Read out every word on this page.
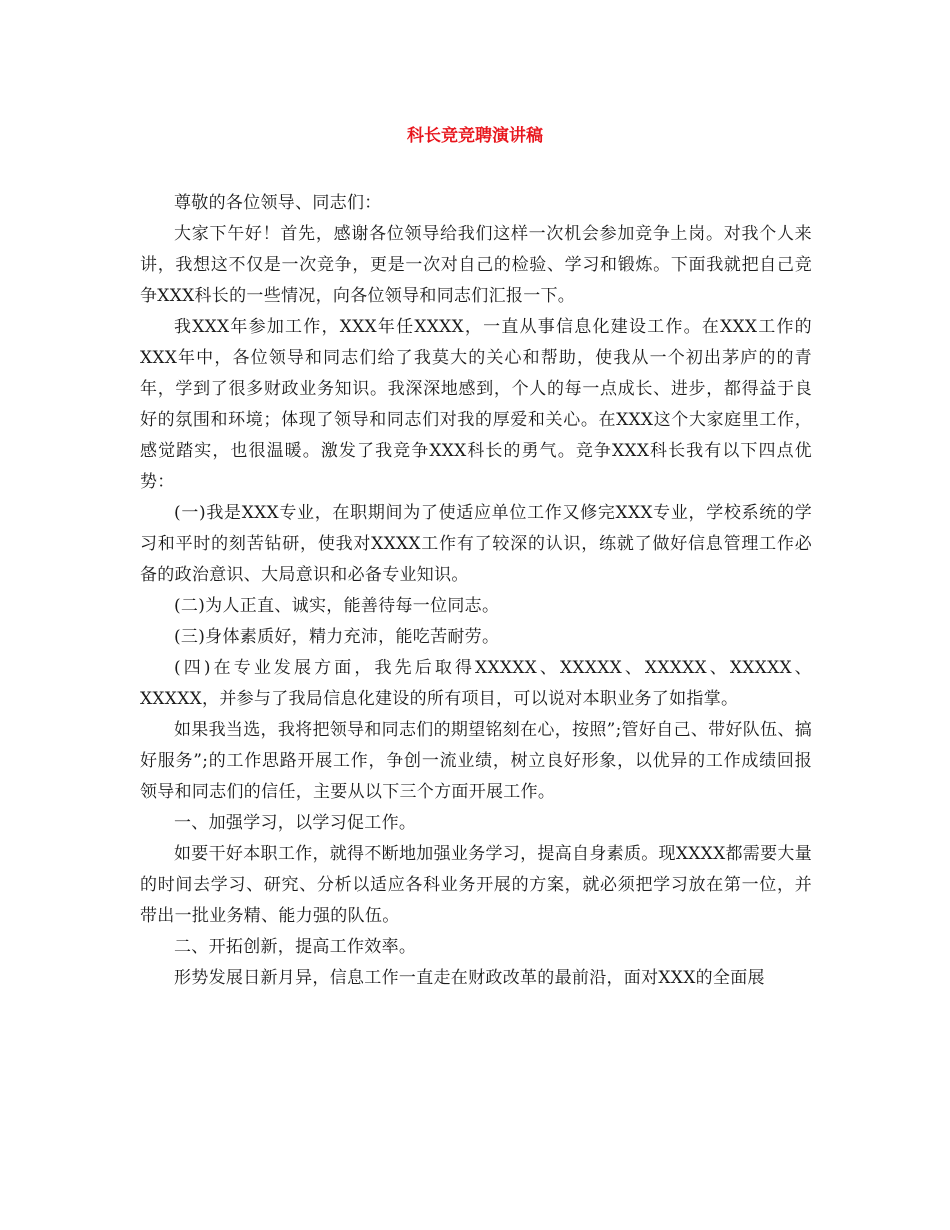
科长竞竞聘演讲稿

尊敬的各位领导、同志们：

大家下午好！首先，感谢各位领导给我们这样一次机会参加竞争上岗。对我个人来讲，我想这不仅是一次竞争，更是一次对自己的检验、学习和锻炼。下面我就把自己竞争XXX科长的一些情况，向各位领导和同志们汇报一下。

我XXX年参加工作，XXX年任XXXX，一直从事信息化建设工作。在XXX工作的XXX年中，各位领导和同志们给了我莫大的关心和帮助，使我从一个初出茅庐的的青年，学到了很多财政业务知识。我深深地感到，个人的每一点成长、进步，都得益于良好的氛围和环境；体现了领导和同志们对我的厚爱和关心。在XXX这个大家庭里工作，感觉踏实，也很温暖。激发了我竞争XXX科长的勇气。竞争XXX科长我有以下四点优势：

(一)我是XXX专业，在职期间为了使适应单位工作又修完XXX专业，学校系统的学习和平时的刻苦钻研，使我对XXXX工作有了较深的认识，练就了做好信息管理工作必备的政治意识、大局意识和必备专业知识。

(二)为人正直、诚实，能善待每一位同志。

(三)身体素质好，精力充沛，能吃苦耐劳。

(四)在专业发展方面，我先后取得XXXXX、XXXXX、XXXXX、XXXXX、XXXXX，并参与了我局信息化建设的所有项目，可以说对本职业务了如指掌。

如果我当选，我将把领导和同志们的期望铭刻在心，按照”;管好自己、带好队伍、搞好服务”;的工作思路开展工作，争创一流业绩，树立良好形象，以优异的工作成绩回报领导和同志们的信任，主要从以下三个方面开展工作。

一、加强学习，以学习促工作。

如要干好本职工作，就得不断地加强业务学习，提高自身素质。现XXXX都需要大量的时间去学习、研究、分析以适应各科业务开展的方案，就必须把学习放在第一位，并带出一批业务精、能力强的队伍。

二、开拓创新，提高工作效率。

形势发展日新月异，信息工作一直走在财政改革的最前沿，面对XXX的全面展
